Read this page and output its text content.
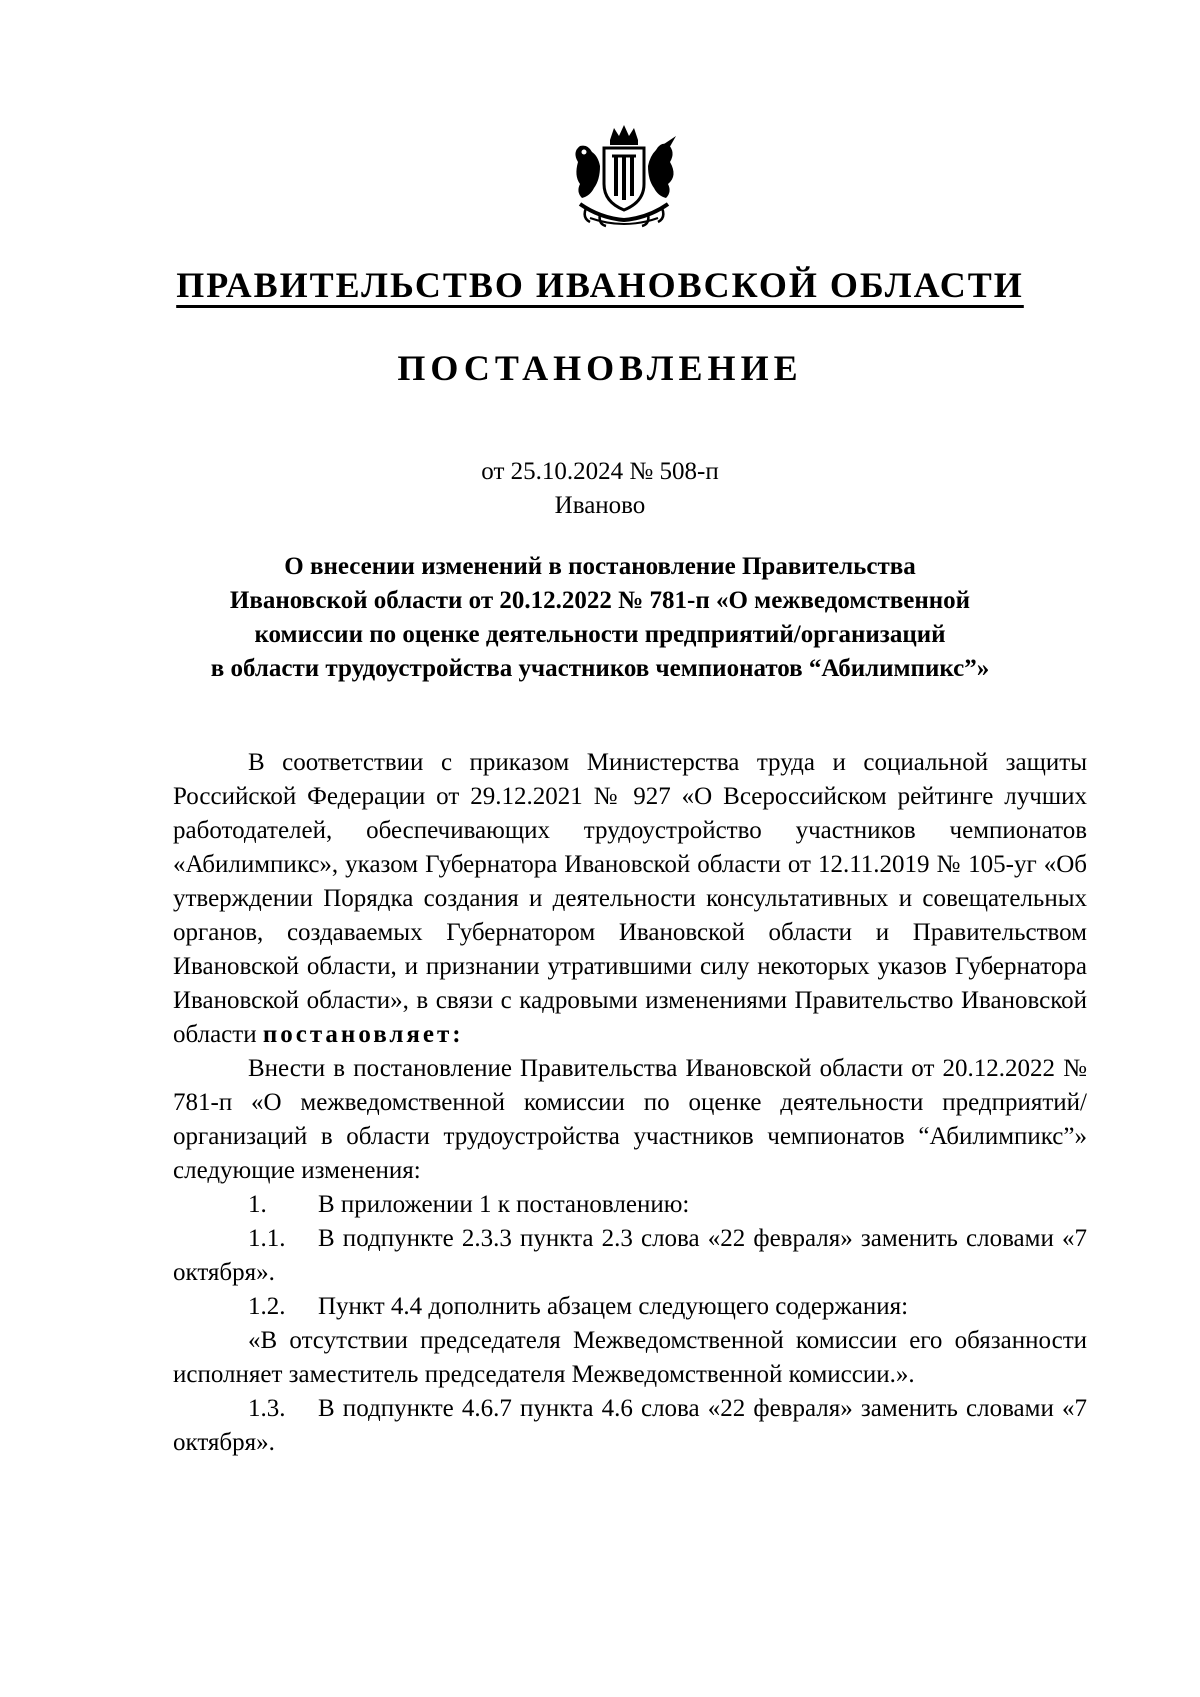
ПРАВИТЕЛЬСТВО ИВАНОВСКОЙ ОБЛАСТИ
ПОСТАНОВЛЕНИЕ
от 25.10.2024 № 508-п
Иваново
О внесении изменений в постановление Правительства
Ивановской области от 20.12.2022 № 781-п «О межведомственной
комиссии по оценке деятельности предприятий/организаций
в области трудоустройства участников чемпионатов “Абилимпикс”»

В соответствии с приказом Министерства труда и социальной защиты Российской Федерации от 29.12.2021 № 927 «О Всероссийском рейтинге лучших работодателей, обеспечивающих трудоустройство участников чемпионатов «Абилимпикс», указом Губернатора Ивановской области от 12.11.2019 № 105-уг «Об утверждении Порядка создания и деятельности консультативных и совещательных органов, создаваемых Губернатором Ивановской области и Правительством Ивановской области, и признании утратившими силу некоторых указов Губернатора Ивановской области», в связи с кадровыми изменениями Правительство Ивановской области постановляет:

Внести в постановление Правительства Ивановской области от 20.12.2022 № 781-п «О межведомственной комиссии по оценке деятельности предприятий/организаций в области трудоустройства участников чемпионатов “Абилимпикс”» следующие изменения:

1. В приложении 1 к постановлению:

1.1. В подпункте 2.3.3 пункта 2.3 слова «22 февраля» заменить словами «7 октября».

1.2. Пункт 4.4 дополнить абзацем следующего содержания:

«В отсутствии председателя Межведомственной комиссии его обязанности исполняет заместитель председателя Межведомственной комиссии.».

1.3. В подпункте 4.6.7 пункта 4.6 слова «22 февраля» заменить словами «7 октября».
